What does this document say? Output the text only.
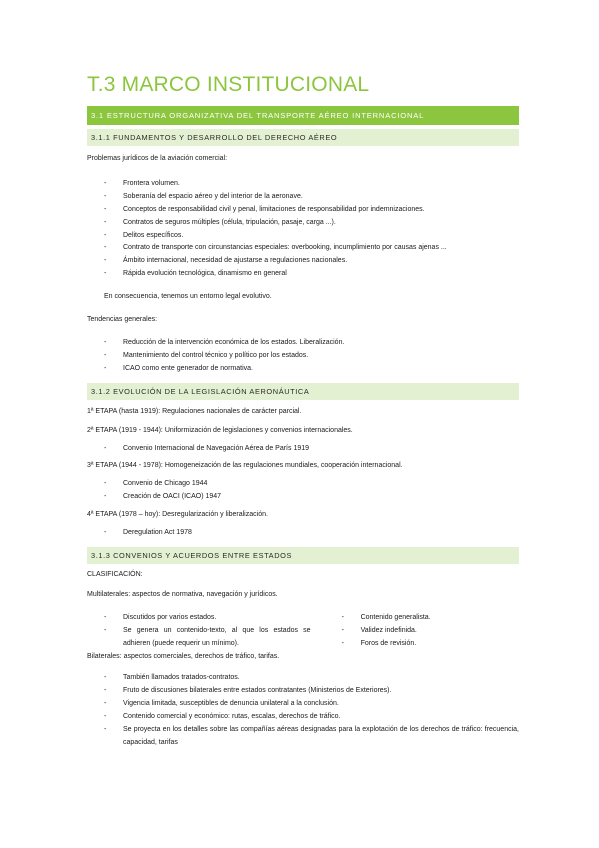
T.3 MARCO INSTITUCIONAL
3.1 ESTRUCTURA ORGANIZATIVA DEL TRANSPORTE AÉREO INTERNACIONAL
3.1.1 FUNDAMENTOS Y DESARROLLO DEL DERECHO AÉREO

Problemas jurídicos de la aviación comercial:

- Frontera volumen.
- Soberanía del espacio aéreo y del interior de la aeronave.
- Conceptos de responsabilidad civil y penal, limitaciones de responsabilidad por indemnizaciones.
- Contratos de seguros múltiples (célula, tripulación, pasaje, carga ...).
- Delitos específicos.
- Contrato de transporte con circunstancias especiales: overbooking, incumplimiento por causas ajenas ...
- Ámbito internacional, necesidad de ajustarse a regulaciones nacionales.
- Rápida evolución tecnológica, dinamismo en general

En consecuencia, tenemos un entorno legal evolutivo.

Tendencias generales:

- Reducción de la intervención económica de los estados. Liberalización.
- Mantenimiento del control técnico y político por los estados.
- ICAO como ente generador de normativa.
3.1.2 EVOLUCIÓN DE LA LEGISLACIÓN AERONÁUTICA

1ª ETAPA (hasta 1919): Regulaciones nacionales de carácter parcial.

2ª ETAPA (1919 - 1944): Uniformización de legislaciones y convenios internacionales.

- Convenio Internacional de Navegación Aérea de París 1919

3ª ETAPA (1944 - 1978): Homogeneización de las regulaciones mundiales, cooperación internacional.

- Convenio de Chicago 1944
- Creación de OACI (ICAO) 1947

4ª ETAPA (1978 – hoy): Desregularización y liberalización.

- Deregulation Act 1978
3.1.3 CONVENIOS Y ACUERDOS ENTRE ESTADOS

CLASIFICACIÓN:

Multilaterales: aspectos de normativa, navegación y jurídicos.

- Discutidos por varios estados.
- Se genera un contenido-texto, al que los estados se adhieren (puede requerir un mínimo).
- Contenido generalista.
- Validez indefinida.
- Foros de revisión.

Bilaterales: aspectos comerciales, derechos de tráfico, tarifas.

- También llamados tratados-contratos.
- Fruto de discusiones bilaterales entre estados contratantes (Ministerios de Exteriores).
- Vigencia limitada, susceptibles de denuncia unilateral a la conclusión.
- Contenido comercial y económico: rutas, escalas, derechos de tráfico.
- Se proyecta en los detalles sobre las compañías aéreas designadas para la explotación de los derechos de tráfico: frecuencia, capacidad, tarifas
